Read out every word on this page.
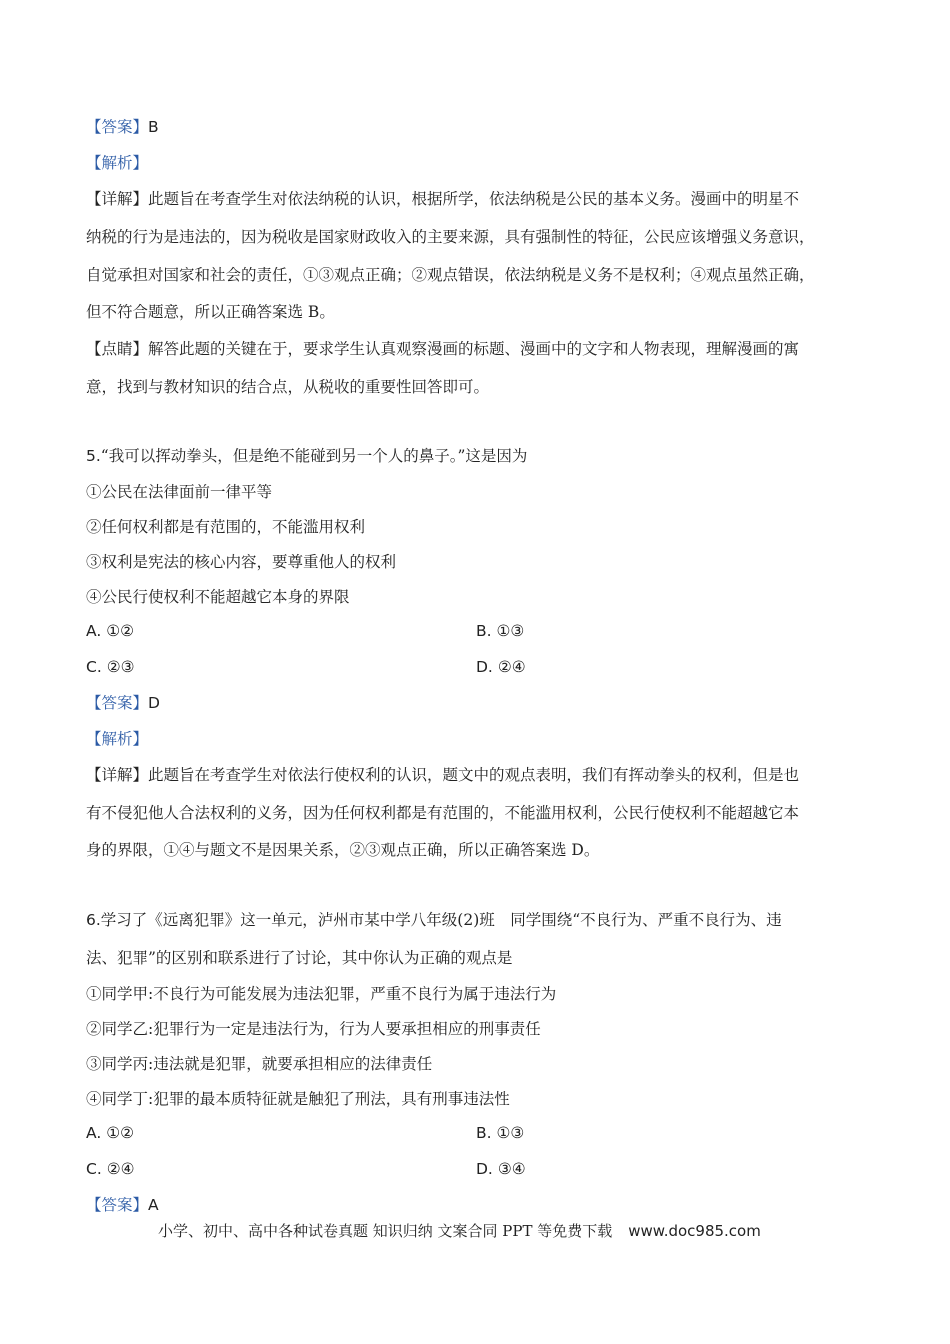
【答案】B
【解析】
【详解】此题旨在考查学生对依法纳税的认识，根据所学，依法纳税是公民的基本义务。漫画中的明星不
纳税的行为是违法的，因为税收是国家财政收入的主要来源，具有强制性的特征，公民应该增强义务意识，
自觉承担对国家和社会的责任，①③观点正确；②观点错误，依法纳税是义务不是权利；④观点虽然正确，
但不符合题意，所以正确答案选 B。
【点睛】解答此题的关键在于，要求学生认真观察漫画的标题、漫画中的文字和人物表现，理解漫画的寓
意，找到与教材知识的结合点，从税收的重要性回答即可。
5.“我可以挥动拳头，但是绝不能碰到另一个人的鼻子。”这是因为
①公民在法律面前一律平等
②任何权利都是有范围的，不能滥用权利
③权利是宪法的核心内容，要尊重他人的权利
④公民行使权利不能超越它本身的界限
A. ①②	B. ①③
C. ②③	D. ②④
【答案】D
【解析】
【详解】此题旨在考查学生对依法行使权利的认识，题文中的观点表明，我们有挥动拳头的权利，但是也
有不侵犯他人合法权利的义务，因为任何权利都是有范围的，不能滥用权利，公民行使权利不能超越它本
身的界限，①④与题文不是因果关系，②③观点正确，所以正确答案选 D。
6.学习了《远离犯罪》这一单元，泸州市某中学八年级(2)班　同学围绕“不良行为、严重不良行为、违
法、犯罪”的区别和联系进行了讨论，其中你认为正确的观点是
①同学甲:不良行为可能发展为违法犯罪，严重不良行为属于违法行为
②同学乙:犯罪行为一定是违法行为，行为人要承担相应的刑事责任
③同学丙:违法就是犯罪，就要承担相应的法律责任
④同学丁:犯罪的最本质特征就是触犯了刑法，具有刑事违法性
A. ①②	B. ①③
C. ②④	D. ③④
【答案】A
小学、初中、高中各种试卷真题 知识归纳 文案合同 PPT 等免费下载 www.doc985.com
